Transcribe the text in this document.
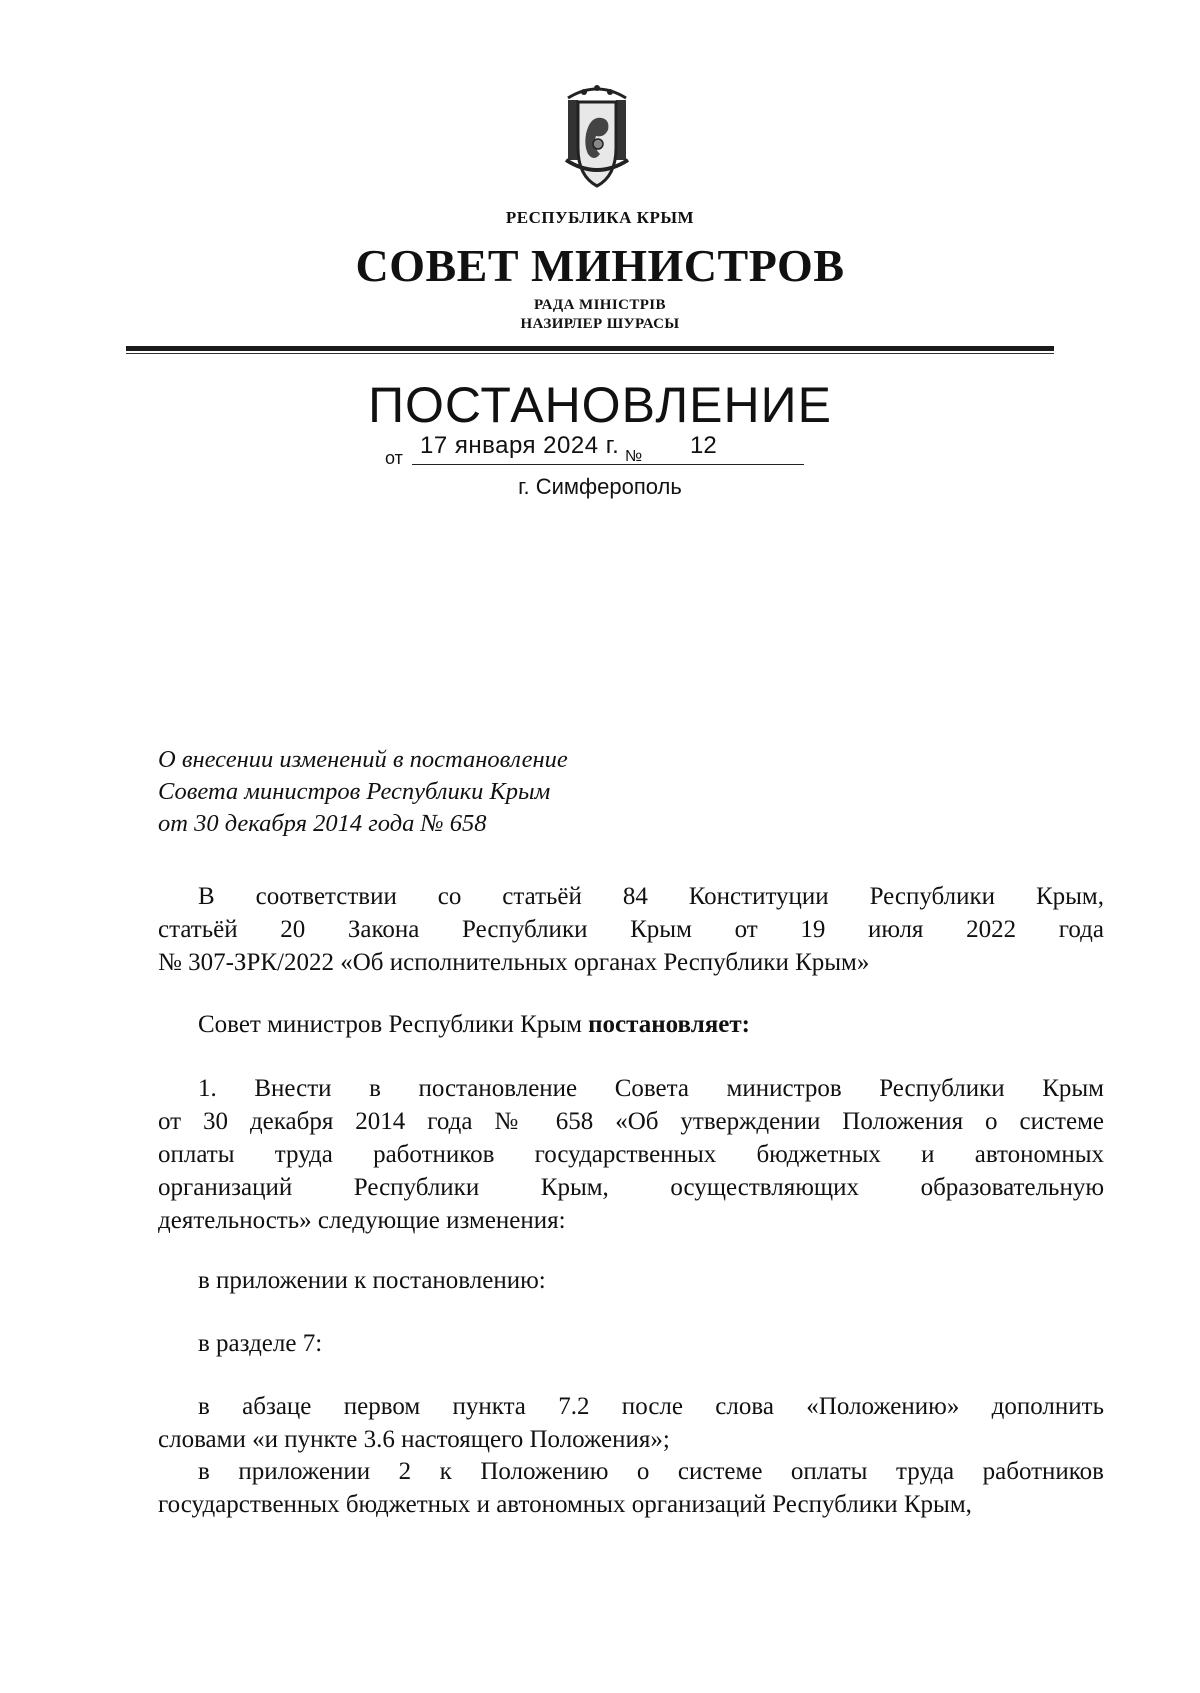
РЕСПУБЛИКА КРЫМ
СОВЕТ МИНИСТРОВ
РАДА МІНІСТРІВ
НАЗИРЛЕР ШУРАСЫ
ПОСТАНОВЛЕНИЕ
от 17 января 2024 г. № 12
г. Симферополь
О внесении изменений в постановление
Совета министров Республики Крым
от 30 декабря 2014 года № 658
В соответствии со статьёй 84 Конституции Республики Крым,
статьёй 20 Закона Республики Крым от 19 июля 2022 года
№ 307-ЗРК/2022 «Об исполнительных органах Республики Крым»
Совет министров Республики Крым постановляет:
1. Внести в постановление Совета министров Республики Крым
от 30 декабря 2014 года № 658 «Об утверждении Положения о системе
оплаты труда работников государственных бюджетных и автономных
организаций Республики Крым, осуществляющих образовательную
деятельность» следующие изменения:
в приложении к постановлению:
в разделе 7:
в абзаце первом пункта 7.2 после слова «Положению» дополнить
словами «и пункте 3.6 настоящего Положения»;
в приложении 2 к Положению о системе оплаты труда работников
государственных бюджетных и автономных организаций Республики Крым,
